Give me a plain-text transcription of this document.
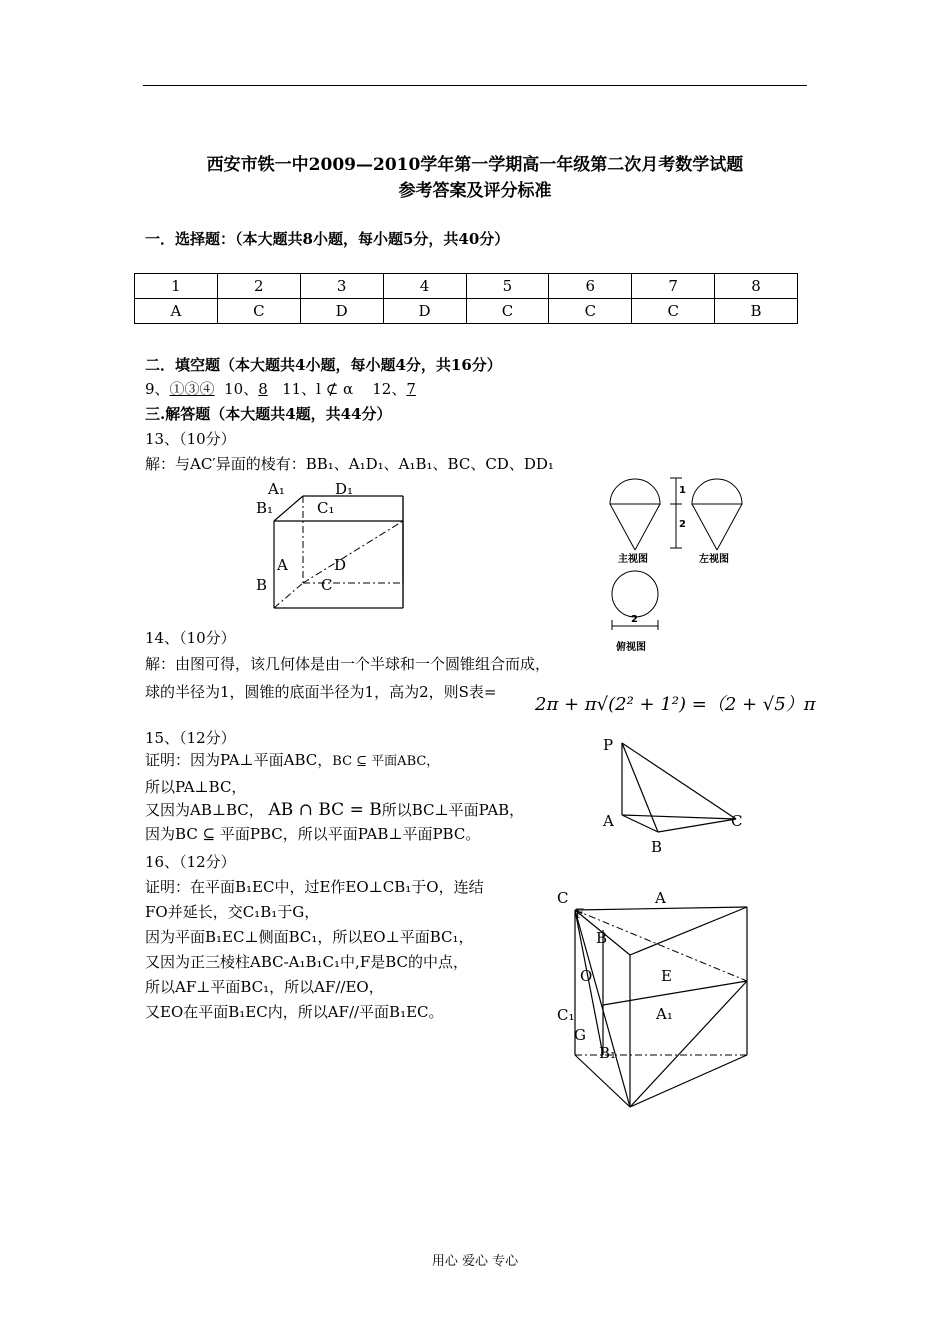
西安市铁一中2009—2010学年第一学期高一年级第二次月考数学试题
参考答案及评分标准
一．选择题：（本大题共8小题，每小题5分，共40分）
1	2	3	4	5	6	7	8
A	C	D	D	C	C	C	B
二．填空题（本大题共4小题，每小题4分，共16分）
9、①③④ 10、8 11、l ⊄ α 12、7
三.解答题（本大题共4题，共44分）
13、（10分）
解：与AC′异面的棱有：BB₁、A₁D₁、A₁B₁、BC、CD、DD₁
A₁	D₁
B₁	C₁
A	D
B	C
1
2
2
主视图	左视图
俯视图
14、（10分）
解：由图可得，该几何体是由一个半球和一个圆锥组合而成，
球的半径为1，圆锥的底面半径为1，高为2，则S表=
2π + π√(2² + 1²) =（2 + √5）π
15、（12分）
证明：因为PA⊥平面ABC，BC ⊆ 平面ABC，
所以PA⊥BC，
又因为AB⊥BC， AB ∩ BC = B所以BC⊥平面PAB，
因为BC ⊆ 平面PBC，所以平面PAB⊥平面PBC。
P
A
B
C
16、（12分）
证明：在平面B₁EC中，过E作EO⊥CB₁于O，连结
FO并延长，交C₁B₁于G，
因为平面B₁EC⊥侧面BC₁，所以EO⊥平面BC₁，
又因为正三棱柱ABC-A₁B₁C₁中,F是BC的中点，
所以AF⊥平面BC₁，所以AF//EO，
又EO在平面B₁EC内，所以AF//平面B₁EC。
C	A
F
B
O	E
A₁
C₁
G
B₁
用心 爱心 专心
